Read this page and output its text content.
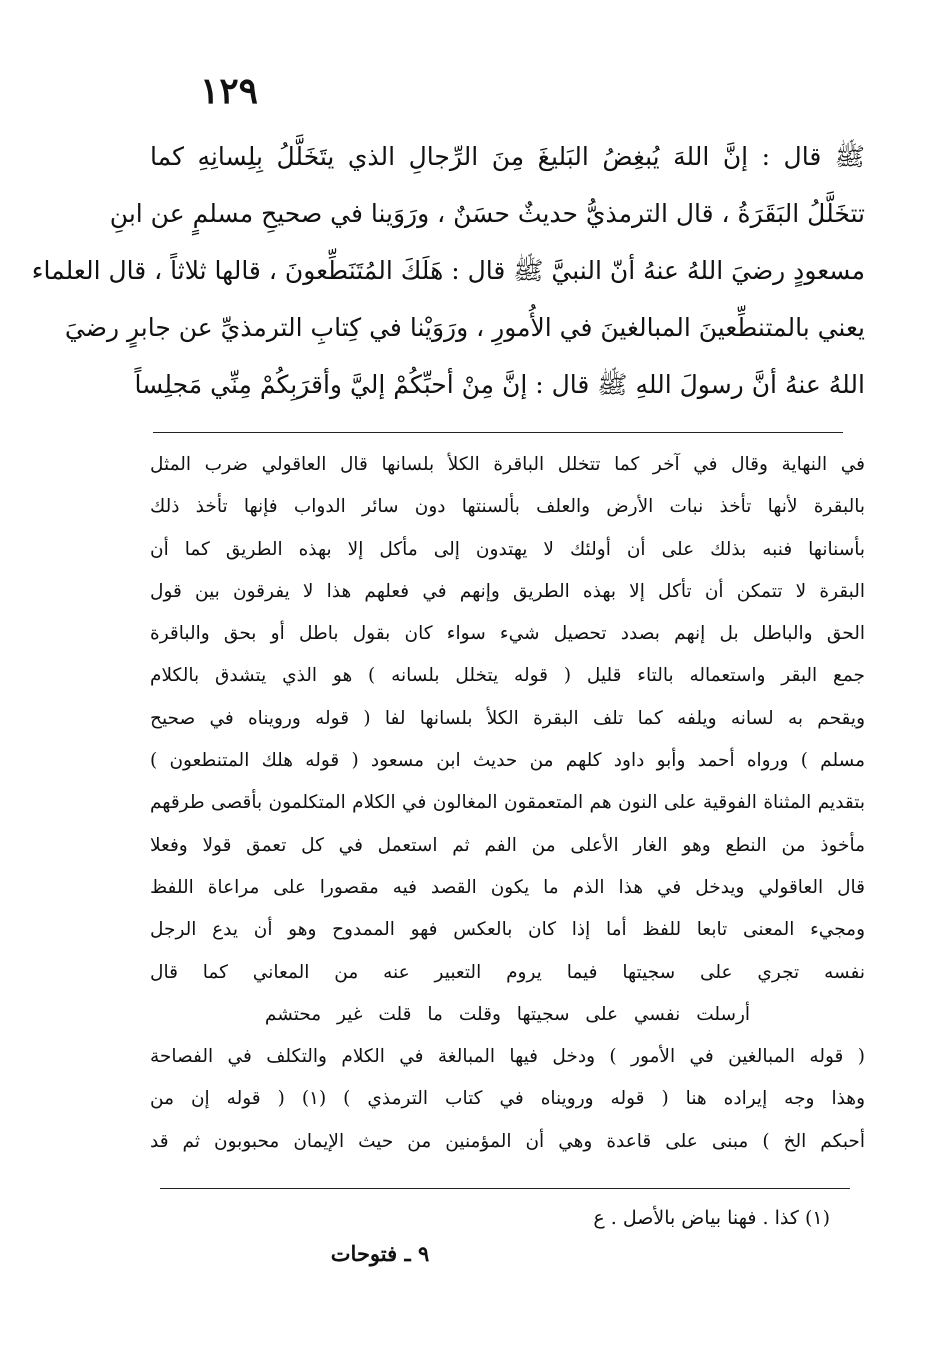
١٢٩
ﷺ قال : إنَّ اللهَ يُبغِضُ البَليغَ مِنَ الرِّجالِ الذي يتَخَلَّلُ بِلِسانِهِ كما
تتخَلَّلُ البَقَرَةُ ، قال الترمذيُّ حديثٌ حسَنٌ ، ورَوَينا في صحيحِ مسلمٍ عن ابنِ
مسعودٍ رضيَ اللهُ عنهُ أنّ النبيَّ ﷺ قال : هَلَكَ المُتَنَطِّعونَ ، قالها ثلاثاً ، قال العلماء
يعني بالمتنطِّعينَ المبالغينَ في الأُمورِ ، ورَوَيْنا في كِتابِ الترمذيِّ عن جابرٍ رضيَ
اللهُ عنهُ أنَّ رسولَ اللهِ ﷺ قال : إنَّ مِنْ أحبِّكُمْ إليَّ وأقرَبِكُمْ مِنِّي مَجلِساً
في النهاية وقال في آخر كما تتخلل الباقرة الكلأ بلسانها قال العاقولي ضرب المثل
بالبقرة لأنها تأخذ نبات الأرض والعلف بألسنتها دون سائر الدواب فإنها تأخذ ذلك
بأسنانها فنبه بذلك على أن أولئك لا يهتدون إلى مأكل إلا بهذه الطريق كما أن
البقرة لا تتمكن أن تأكل إلا بهذه الطريق وإنهم في فعلهم هذا لا يفرقون بين قول
الحق والباطل بل إنهم بصدد تحصيل شيء سواء كان بقول باطل أو بحق والباقرة
جمع البقر واستعماله بالتاء قليل ( قوله يتخلل بلسانه ) هو الذي يتشدق بالكلام
ويقحم به لسانه ويلفه كما تلف البقرة الكلأ بلسانها لفا ( قوله ورويناه في صحيح
مسلم ) ورواه أحمد وأبو داود كلهم من حديث ابن مسعود ( قوله هلك المتنطعون )
بتقديم المثناة الفوقية على النون هم المتعمقون المغالون في الكلام المتكلمون بأقصى طرقهم
مأخوذ من النطع وهو الغار الأعلى من الفم ثم استعمل في كل تعمق قولا وفعلا
قال العاقولي ويدخل في هذا الذم ما يكون القصد فيه مقصورا على مراعاة اللفظ
ومجيء المعنى تابعا للفظ أما إذا كان بالعكس فهو الممدوح وهو أن يدع الرجل
نفسه تجري على سجيتها فيما يروم التعبير عنه من المعاني كما قال
أرسلت نفسي على سجيتها وقلت ما قلت غير محتشم
( قوله المبالغين في الأمور ) ودخل فيها المبالغة في الكلام والتكلف في الفصاحة
وهذا وجه إيراده هنا ( قوله ورويناه في كتاب الترمذي ) (١) ( قوله إن من
أحبكم الخ ) مبنى على قاعدة وهي أن المؤمنين من حيث الإيمان محبوبون ثم قد
(١) كذا . فهنا بياض بالأصل . ع
٩ ـ فتوحات
